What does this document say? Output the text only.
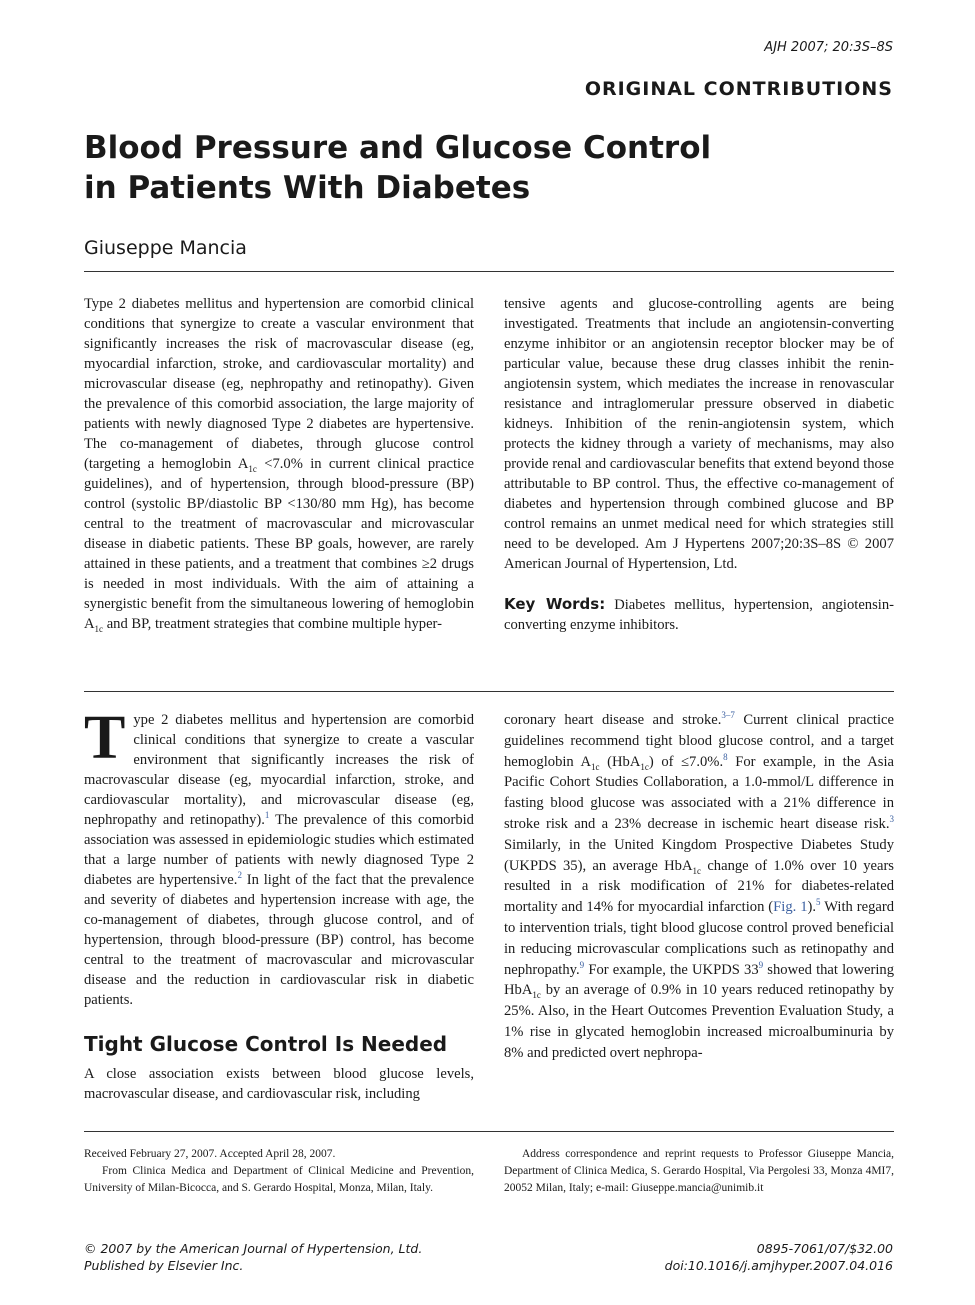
AJH 2007; 20:3S–8S
ORIGINAL CONTRIBUTIONS
Blood Pressure and Glucose Control
in Patients With Diabetes
Giuseppe Mancia

Type 2 diabetes mellitus and hypertension are comorbid clinical conditions that synergize to create a vascular environment that significantly increases the risk of macrovascular disease (eg, myocardial infarction, stroke, and cardiovascular mortality) and microvascular disease (eg, nephropathy and retinopathy). Given the prevalence of this comorbid association, the large majority of patients with newly diagnosed Type 2 diabetes are hypertensive. The co-management of diabetes, through glucose control (targeting a hemoglobin $A_{1c} <7.0\%$ in current clinical practice guidelines), and of hypertension, through blood-pressure (BP) control (systolic BP/diastolic BP <130/80 mm Hg), has become central to the treatment of macrovascular and microvascular disease in diabetic patients. These BP goals, however, are rarely attained in these patients, and a treatment that combines ≥2 drugs is needed in most individuals. With the aim of attaining a synergistic benefit from the simultaneous lowering of hemoglobin $A_{1c}$ and BP, treatment strategies that combine multiple hyper-

tensive agents and glucose-controlling agents are being investigated. Treatments that include an angiotensin-converting enzyme inhibitor or an angiotensin receptor blocker may be of particular value, because these drug classes inhibit the renin-angiotensin system, which mediates the increase in renovascular resistance and intraglomerular pressure observed in diabetic kidneys. Inhibition of the renin-angiotensin system, which protects the kidney through a variety of mechanisms, may also provide renal and cardiovascular benefits that extend beyond those attributable to BP control. Thus, the effective co-management of diabetes and hypertension through combined glucose and BP control remains an unmet medical need for which strategies still need to be developed. Am J Hypertens 2007;20:3S–8S © 2007 American Journal of Hypertension, Ltd.

Key Words: Diabetes mellitus, hypertension, angiotensin-converting enzyme inhibitors.

Type 2 diabetes mellitus and hypertension are comorbid clinical conditions that synergize to create a vascular environment that significantly increases the risk of macrovascular disease (eg, myocardial infarction, stroke, and cardiovascular mortality), and microvascular disease (eg, nephropathy and retinopathy).$^1$ The prevalence of this comorbid association was assessed in epidemiologic studies which estimated that a large number of patients with newly diagnosed Type 2 diabetes are hypertensive.$^2$ In light of the fact that the prevalence and severity of diabetes and hypertension increase with age, the co-management of diabetes, through glucose control, and of hypertension, through blood-pressure (BP) control, has become central to the treatment of macrovascular and microvascular disease and the reduction in cardiovascular risk in diabetic patients.

Tight Glucose Control Is Needed

A close association exists between blood glucose levels, macrovascular disease, and cardiovascular risk, including

coronary heart disease and stroke.$^{3-7}$ Current clinical practice guidelines recommend tight blood glucose control, and a target hemoglobin $A_{1c}$ (HbA$_{1c}$) of ≤7.0%.$^8$ For example, in the Asia Pacific Cohort Studies Collaboration, a 1.0-mmol/L difference in fasting blood glucose was associated with a 21% difference in stroke risk and a 23% decrease in ischemic heart disease risk.$^3$ Similarly, in the United Kingdom Prospective Diabetes Study (UKPDS 35), an average HbA$_{1c}$ change of 1.0% over 10 years resulted in a risk modification of 21% for diabetes-related mortality and 14% for myocardial infarction (Fig. 1).$^5$ With regard to intervention trials, tight blood glucose control proved beneficial in reducing microvascular complications such as retinopathy and nephropathy.$^9$ For example, the UKPDS 33$^9$ showed that lowering HbA$_{1c}$ by an average of 0.9% in 10 years reduced retinopathy by 25%. Also, in the Heart Outcomes Prevention Evaluation Study, a 1% rise in glycated hemoglobin increased microalbuminuria by 8% and predicted overt nephropa-

Received February 27, 2007. Accepted April 28, 2007.

From Clinica Medica and Department of Clinical Medicine and Prevention, University of Milan-Bicocca, and S. Gerardo Hospital, Monza, Milan, Italy.

Address correspondence and reprint requests to Professor Giuseppe Mancia, Department of Clinica Medica, S. Gerardo Hospital, Via Pergolesi 33, Monza 4MI7, 20052 Milan, Italy; e-mail: Giuseppe.mancia@unimib.it

© 2007 by the American Journal of Hypertension, Ltd.
Published by Elsevier Inc.
0895-7061/07/$32.00
doi:10.1016/j.amjhyper.2007.04.016
